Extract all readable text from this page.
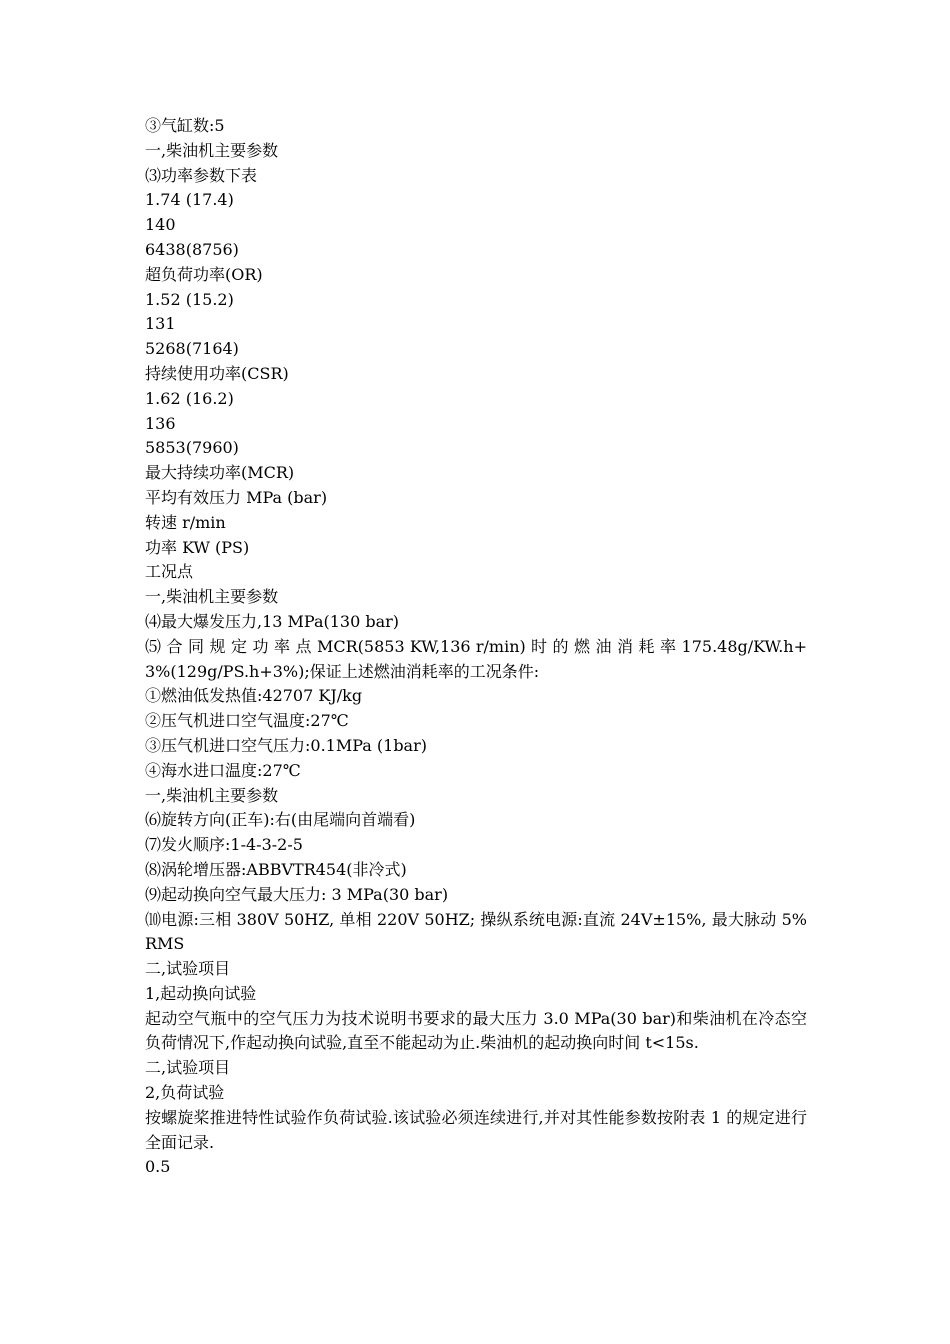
③气缸数:5

一,柴油机主要参数

⑶功率参数下表

1.74 (17.4)

140

6438(8756)

超负荷功率(OR)

1.52 (15.2)

131

5268(7164)

持续使用功率(CSR)

1.62 (16.2)

136

5853(7960)

最大持续功率(MCR)

平均有效压力 MPa (bar)

转速 r/min

功率 KW (PS)

工况点

一,柴油机主要参数

⑷最大爆发压力,13 MPa(130 bar)

⑸ 合 同 规 定 功 率 点 MCR(5853 KW,136 r/min) 时 的 燃 油 消 耗 率 175.48g/KW.h+3%(129g/PS.h+3%);保证上述燃油消耗率的工况条件:

①燃油低发热值:42707 KJ/kg

②压气机进口空气温度:27℃

③压气机进口空气压力:0.1MPa (1bar)

④海水进口温度:27℃

一,柴油机主要参数

⑹旋转方向(正车):右(由尾端向首端看)

⑺发火顺序:1-4-3-2-5

⑻涡轮增压器:ABBVTR454(非冷式)

⑼起动换向空气最大压力: 3 MPa(30 bar)

⑽电源:三相 380V 50HZ, 单相 220V 50HZ; 操纵系统电源:直流 24V±15%, 最大脉动 5%RMS

二,试验项目

1,起动换向试验

起动空气瓶中的空气压力为技术说明书要求的最大压力 3.0 MPa(30 bar)和柴油机在冷态空负荷情况下,作起动换向试验,直至不能起动为止.柴油机的起动换向时间 t<15s.

二,试验项目

2,负荷试验

按螺旋桨推进特性试验作负荷试验.该试验必须连续进行,并对其性能参数按附表 1 的规定进行全面记录.

0.5
